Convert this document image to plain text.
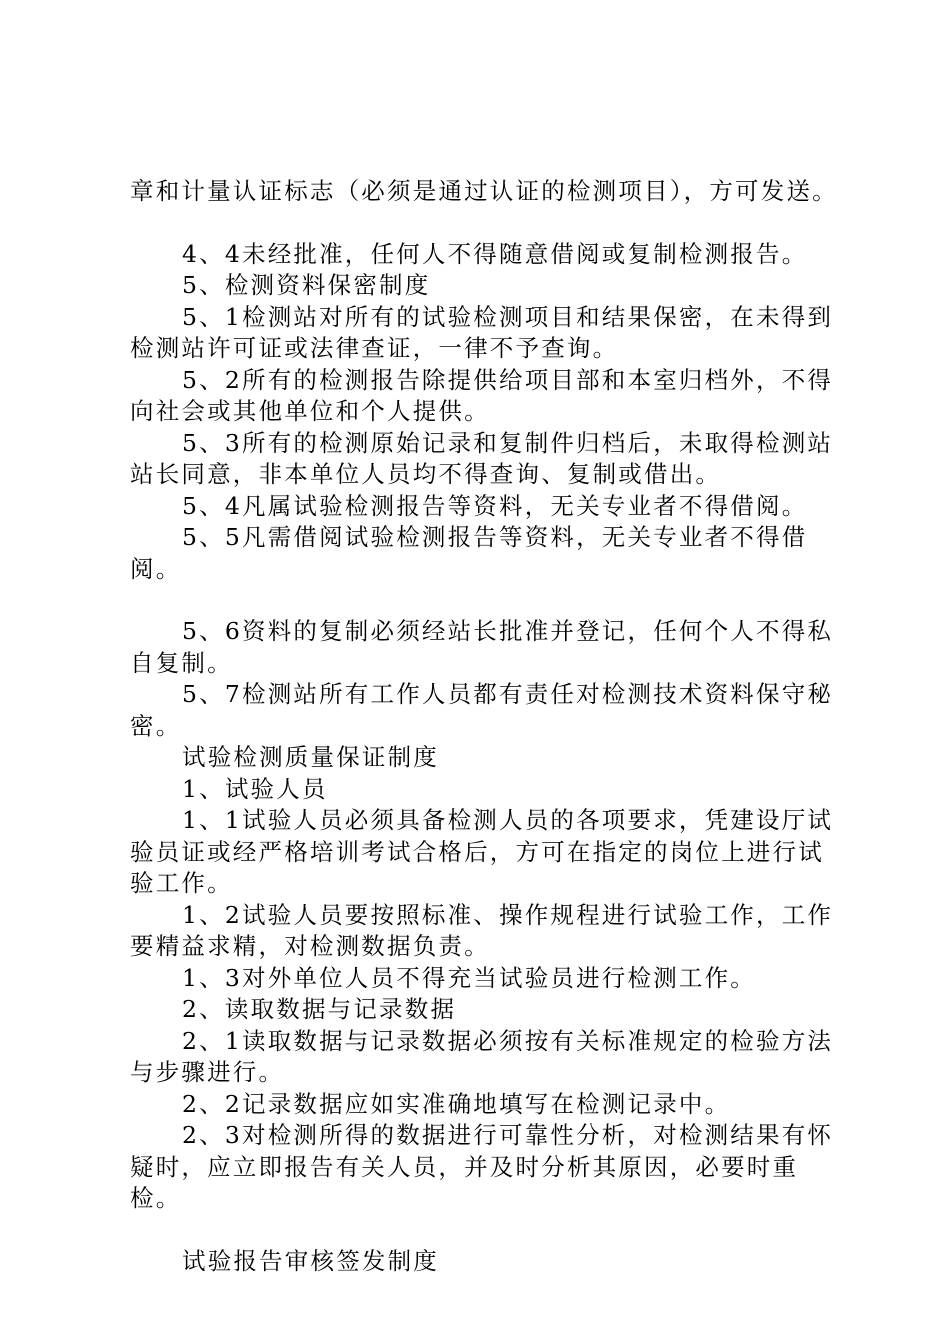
章和计量认证标志（必须是通过认证的检测项目），方可发送。

4、4未经批准，任何人不得随意借阅或复制检测报告。

5、检测资料保密制度

5、1检测站对所有的试验检测项目和结果保密，在未得到检测站许可证或法律查证，一律不予查询。

5、2所有的检测报告除提供给项目部和本室归档外，不得向社会或其他单位和个人提供。

5、3所有的检测原始记录和复制件归档后，未取得检测站站长同意，非本单位人员均不得查询、复制或借出。

5、4凡属试验检测报告等资料，无关专业者不得借阅。

5、5凡需借阅试验检测报告等资料，无关专业者不得借阅。

5、6资料的复制必须经站长批准并登记，任何个人不得私自复制。

5、7检测站所有工作人员都有责任对检测技术资料保守秘密。

试验检测质量保证制度

1、试验人员

1、1试验人员必须具备检测人员的各项要求，凭建设厅试验员证或经严格培训考试合格后，方可在指定的岗位上进行试验工作。

1、2试验人员要按照标准、操作规程进行试验工作，工作要精益求精，对检测数据负责。

1、3对外单位人员不得充当试验员进行检测工作。

2、读取数据与记录数据

2、1读取数据与记录数据必须按有关标准规定的检验方法与步骤进行。

2、2记录数据应如实准确地填写在检测记录中。

2、3对检测所得的数据进行可靠性分析，对检测结果有怀疑时，应立即报告有关人员，并及时分析其原因，必要时重检。

试验报告审核签发制度
